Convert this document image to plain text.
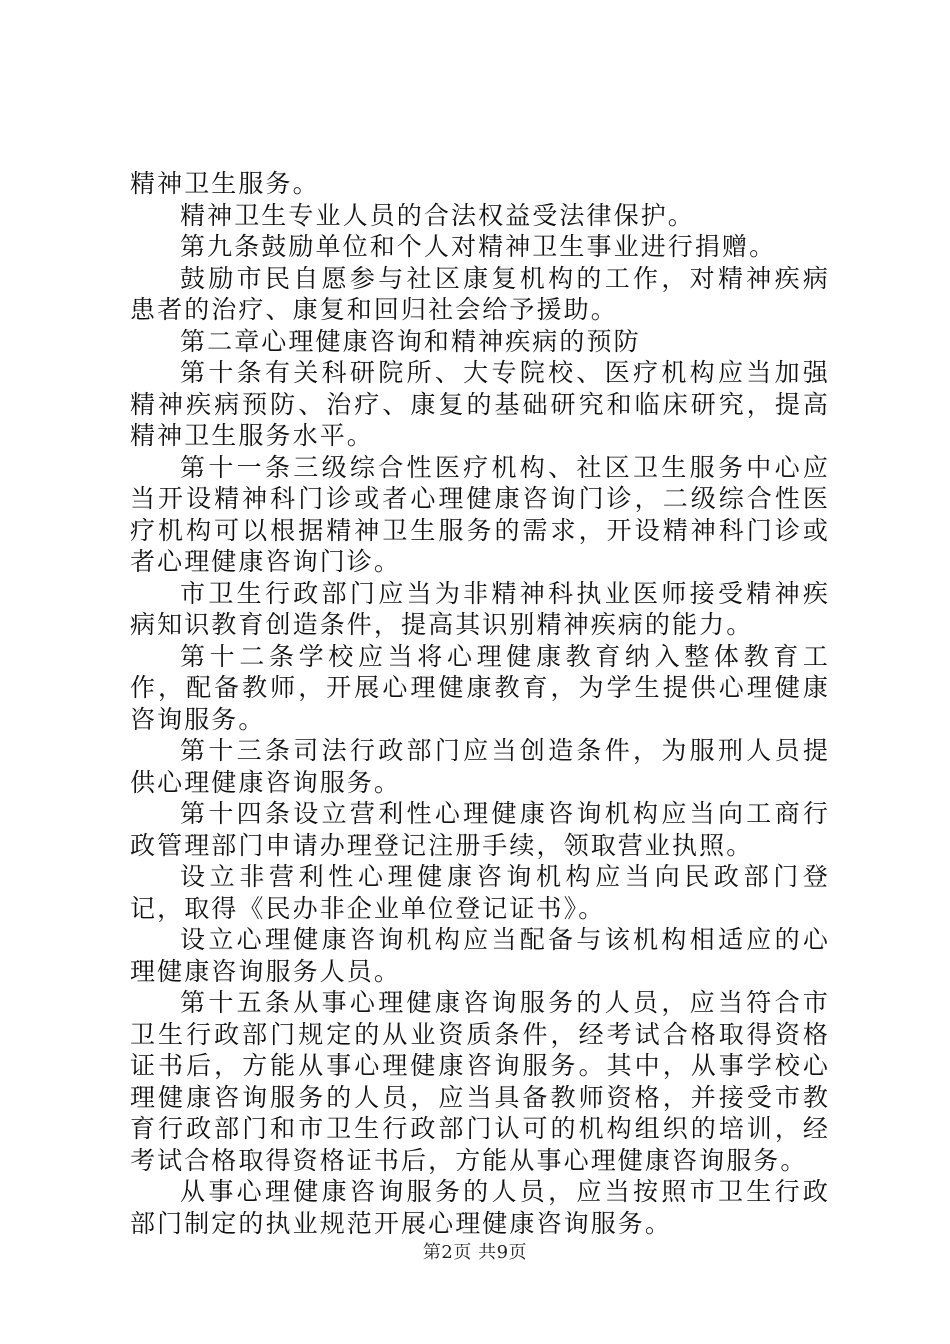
精神卫生服务。

精神卫生专业人员的合法权益受法律保护。

第九条鼓励单位和个人对精神卫生事业进行捐赠。

鼓励市民自愿参与社区康复机构的工作，对精神疾病患者的治疗、康复和回归社会给予援助。

第二章心理健康咨询和精神疾病的预防

第十条有关科研院所、大专院校、医疗机构应当加强精神疾病预防、治疗、康复的基础研究和临床研究，提高精神卫生服务水平。

第十一条三级综合性医疗机构、社区卫生服务中心应当开设精神科门诊或者心理健康咨询门诊，二级综合性医疗机构可以根据精神卫生服务的需求，开设精神科门诊或者心理健康咨询门诊。

市卫生行政部门应当为非精神科执业医师接受精神疾病知识教育创造条件，提高其识别精神疾病的能力。

第十二条学校应当将心理健康教育纳入整体教育工作，配备教师，开展心理健康教育，为学生提供心理健康咨询服务。

第十三条司法行政部门应当创造条件，为服刑人员提供心理健康咨询服务。

第十四条设立营利性心理健康咨询机构应当向工商行政管理部门申请办理登记注册手续，领取营业执照。

设立非营利性心理健康咨询机构应当向民政部门登记，取得《民办非企业单位登记证书》。

设立心理健康咨询机构应当配备与该机构相适应的心理健康咨询服务人员。

第十五条从事心理健康咨询服务的人员，应当符合市卫生行政部门规定的从业资质条件，经考试合格取得资格证书后，方能从事心理健康咨询服务。其中，从事学校心理健康咨询服务的人员，应当具备教师资格，并接受市教育行政部门和市卫生行政部门认可的机构组织的培训，经考试合格取得资格证书后，方能从事心理健康咨询服务。

从事心理健康咨询服务的人员，应当按照市卫生行政部门制定的执业规范开展心理健康咨询服务。

第2页 共9页
